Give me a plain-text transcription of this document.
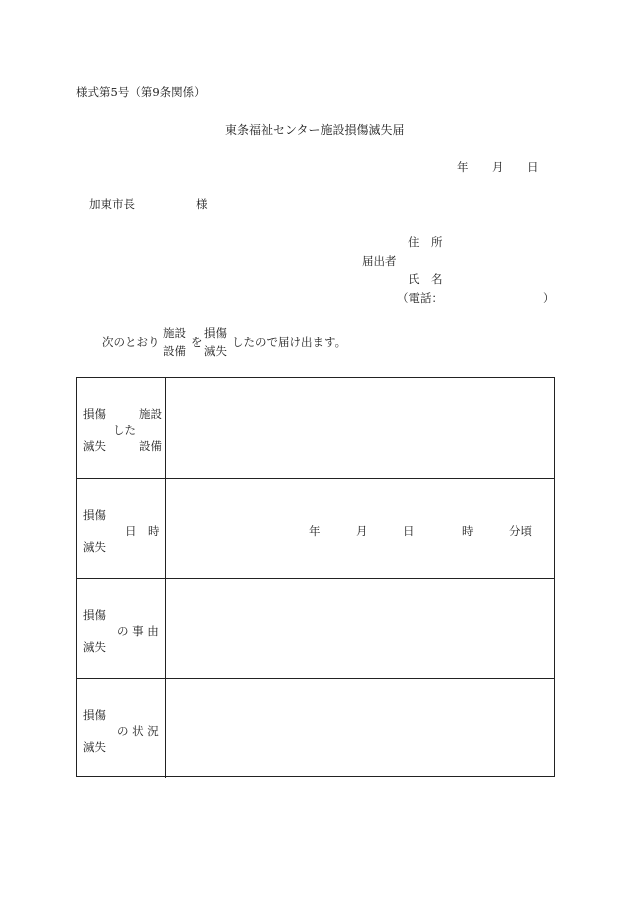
様式第5号（第9条関係）
東条福祉センター施設損傷滅失届
年 月 日
加東市長	様
住　所
届出者
氏　名
（電話：	）
次のとおり
施設
設備
を
損傷
滅失
したので届け出ます。
損傷	施設
した
滅失	設備
損傷
日　時
滅失
年	月	日	時	分頃
損傷
の 事 由
滅失
損傷
の 状 況
滅失
